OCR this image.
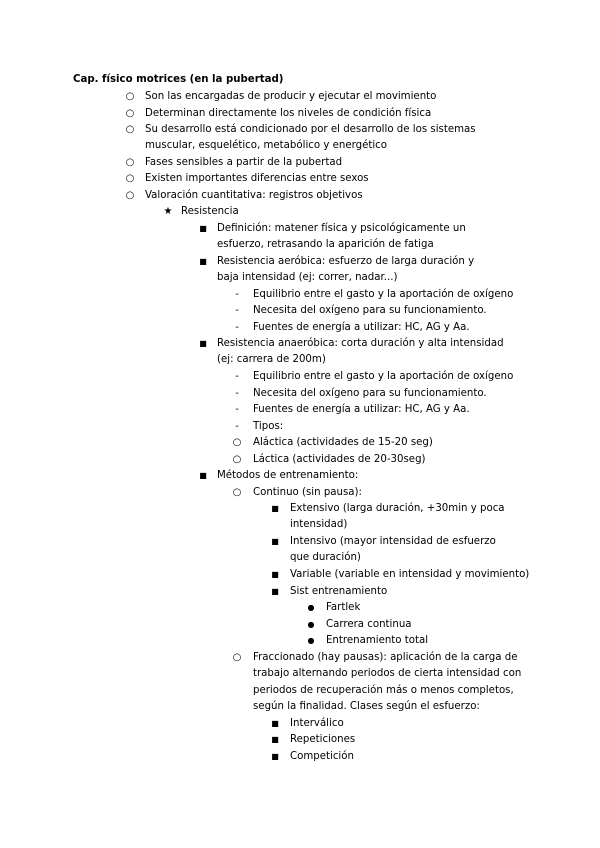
Cap. físico motrices (en la pubertad)
○
Son las encargadas de producir y ejecutar el movimiento
○
Determinan directamente los niveles de condición física
○
Su desarrollo está condicionado por el desarrollo de los sistemas muscular, esquelético, metabólico y energético
○
Fases sensibles a partir de la pubertad
○
Existen importantes diferencias entre sexos
○
Valoración cuantitativa: registros objetivos
★
Resistencia
■
Definición: matener física y psicológicamente un esfuerzo, retrasando la aparición de fatiga
■
Resistencia aeróbica: esfuerzo de larga duración y baja intensidad (ej: correr, nadar...)
-
Equilibrio entre el gasto y la aportación de oxígeno
-
Necesita del oxígeno para su funcionamiento.
-
Fuentes de energía a utilizar: HC, AG y Aa.
■
Resistencia anaeróbica: corta duración y alta intensidad (ej: carrera de 200m)
-
Equilibrio entre el gasto y la aportación de oxígeno
-
Necesita del oxígeno para su funcionamiento.
-
Fuentes de energía a utilizar: HC, AG y Aa.
-
Tipos:
○
Aláctica (actividades de 15-20 seg)
○
Láctica (actividades de 20-30seg)
■
Métodos de entrenamiento:
○
Continuo (sin pausa):
■
Extensivo (larga duración, +30min y poca intensidad)
■
Intensivo (mayor intensidad de esfuerzo que duración)
■
Variable (variable en intensidad y movimiento)
■
Sist entrenamiento
●
Fartlek
●
Carrera continua
●
Entrenamiento total
○
Fraccionado (hay pausas): aplicación de la carga de trabajo alternando periodos de cierta intensidad con periodos de recuperación más o menos completos, según la finalidad. Clases según el esfuerzo:
■
Interválico
■
Repeticiones
■
Competición
